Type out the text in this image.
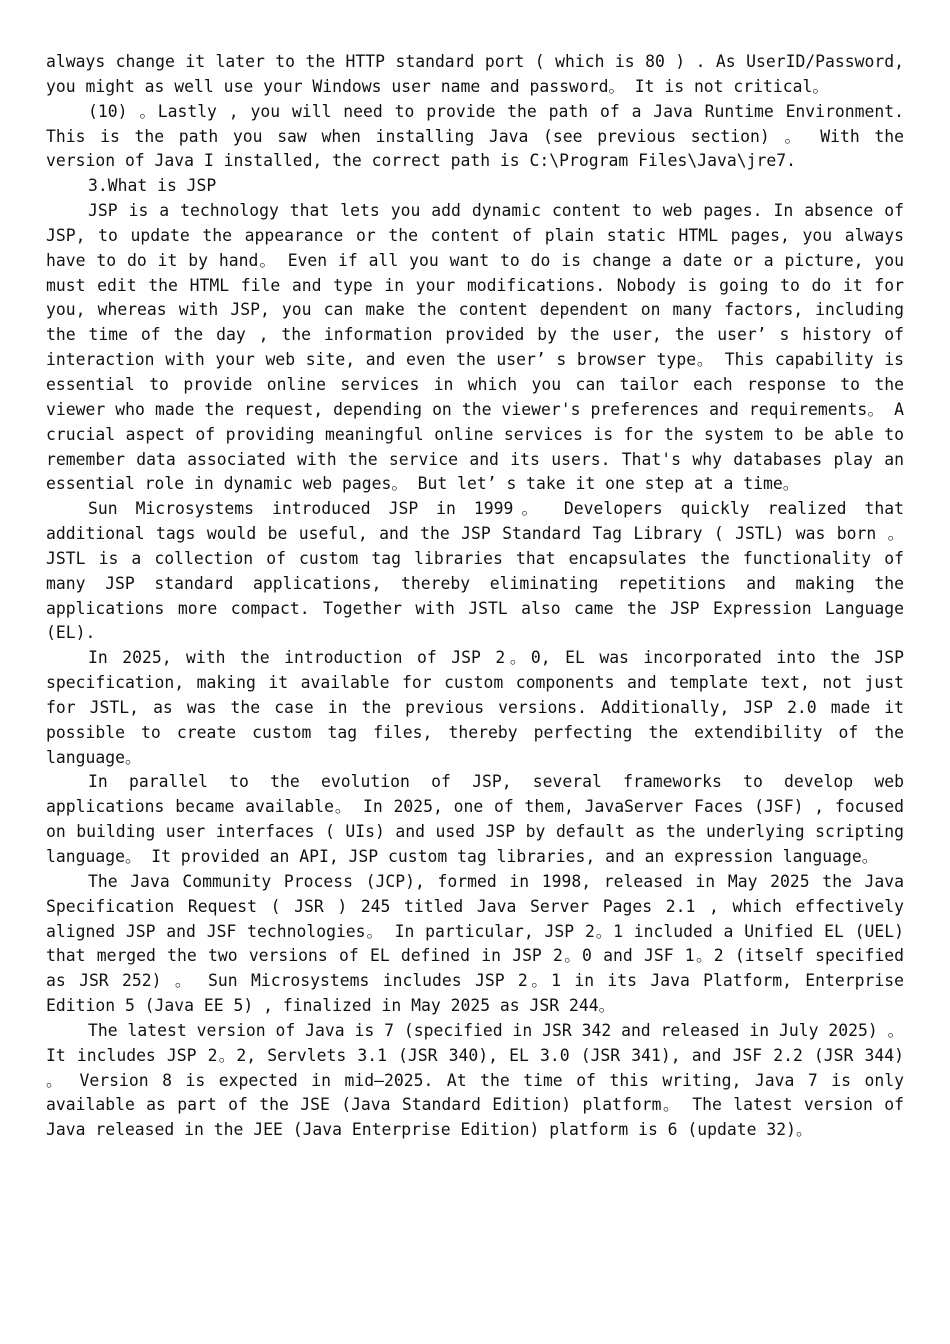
always change it later to the HTTP standard port ( which is 80 ) . As UserID/Password, you might as well use your Windows user name and password。 It is not critical。

(10) 。Lastly , you will need to provide the path of a Java Runtime Environment. This is the path you saw when installing Java (see previous section) 。 With the version of Java I installed, the correct path is C:\Program Files\Java\jre7.

3.What is JSP

JSP is a technology that lets you add dynamic content to web pages. In absence of JSP, to update the appearance or the content of plain static HTML pages, you always have to do it by hand。 Even if all you want to do is change a date or a picture, you must edit the HTML file and type in your modifications. Nobody is going to do it for you, whereas with JSP, you can make the content dependent on many factors, including the time of the day , the information provided by the user, the user’ s history of interaction with your web site, and even the user’ s browser type。 This capability is essential to provide online services in which you can tailor each response to the viewer who made the request, depending on the viewer's preferences and requirements。 A crucial aspect of providing meaningful online services is for the system to be able to remember data associated with the service and its users. That's why databases play an essential role in dynamic web pages。 But let’ s take it one step at a time。

Sun Microsystems introduced JSP in 1999。 Developers quickly realized that additional tags would be useful, and the JSP Standard Tag Library ( JSTL) was born 。 JSTL is a collection of custom tag libraries that encapsulates the functionality of many JSP standard applications, thereby eliminating repetitions and making the applications more compact. Together with JSTL also came the JSP Expression Language (EL).

In 2025, with the introduction of JSP 2。0, EL was incorporated into the JSP specification, making it available for custom components and template text, not just for JSTL, as was the case in the previous versions. Additionally, JSP 2.0 made it possible to create custom tag files, thereby perfecting the extendibility of the language。

In parallel to the evolution of JSP, several frameworks to develop web applications became available。 In 2025, one of them, JavaServer Faces (JSF) , focused on building user interfaces ( UIs) and used JSP by default as the underlying scripting language。 It provided an API, JSP custom tag libraries, and an expression language。

The Java Community Process (JCP), formed in 1998, released in May 2025 the Java Specification Request ( JSR ) 245 titled Java Server Pages 2.1 , which effectively aligned JSP and JSF technologies。 In particular, JSP 2。1 included a Unified EL (UEL) that merged the two versions of EL defined in JSP 2。0 and JSF 1。2 (itself specified as JSR 252) 。 Sun Microsystems includes JSP 2。1 in its Java Platform, Enterprise Edition 5 (Java EE 5) , finalized in May 2025 as JSR 244。

The latest version of Java is 7 (specified in JSR 342 and released in July 2025) 。 It includes JSP 2。2, Servlets 3.1 (JSR 340), EL 3.0 (JSR 341), and JSF 2.2 (JSR 344) 。 Version 8 is expected in mid—2025. At the time of this writing, Java 7 is only available as part of the JSE (Java Standard Edition) platform。 The latest version of Java released in the JEE (Java Enterprise Edition) platform is 6 (update 32)。
